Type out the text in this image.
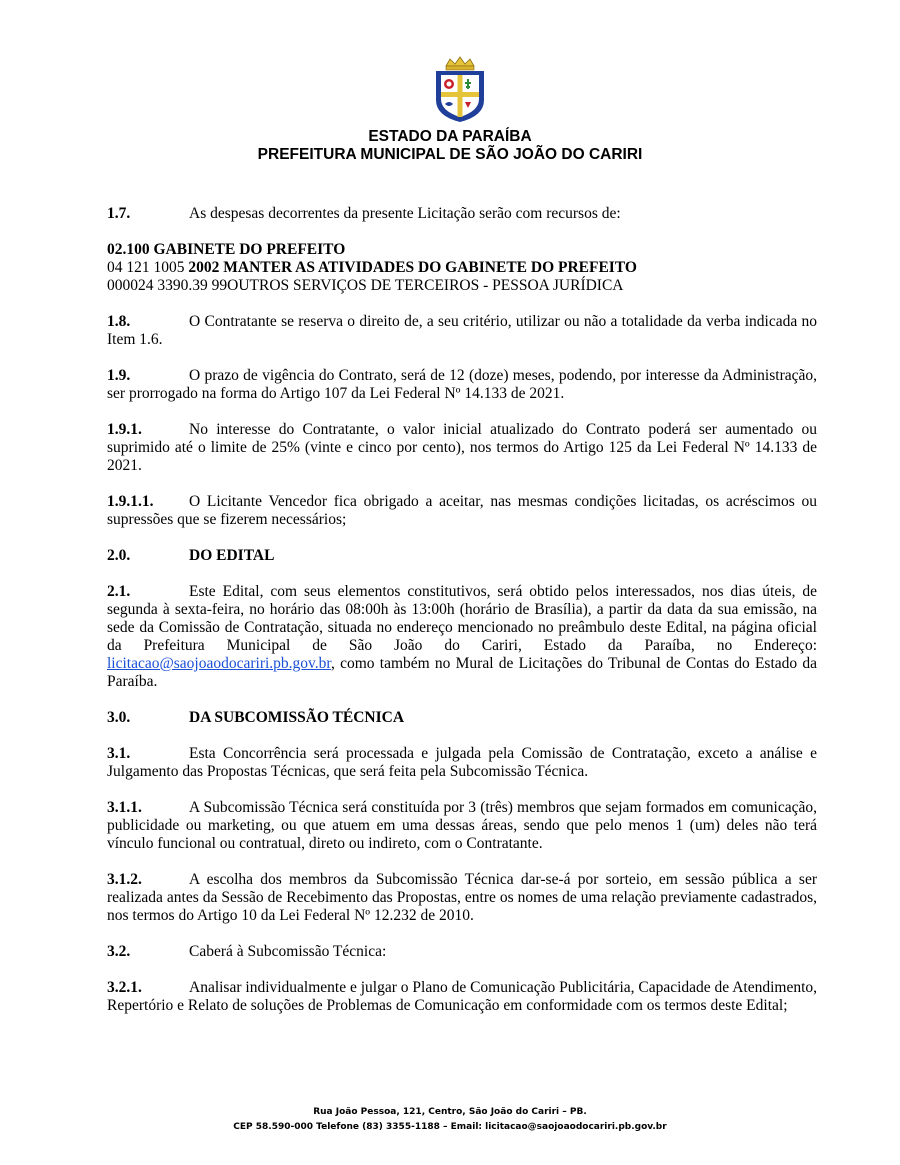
ESTADO DA PARAÍBA
PREFEITURA MUNICIPAL DE SÃO JOÃO DO CARIRI

1.7.	As despesas decorrentes da presente Licitação serão com recursos de:

02.100 GABINETE DO PREFEITO

04 121 1005 2002 MANTER AS ATIVIDADES DO GABINETE DO PREFEITO

000024 3390.39 99OUTROS SERVIÇOS DE TERCEIROS - PESSOA JURÍDICA

1.8.	O Contratante se reserva o direito de, a seu critério, utilizar ou não a totalidade da verba indicada no Item 1.6.

1.9.	O prazo de vigência do Contrato, será de 12 (doze) meses, podendo, por interesse da Administração, ser prorrogado na forma do Artigo 107 da Lei Federal Nº 14.133 de 2021.

1.9.1.	No interesse do Contratante, o valor inicial atualizado do Contrato poderá ser aumentado ou suprimido até o limite de 25% (vinte e cinco por cento), nos termos do Artigo 125 da Lei Federal Nº 14.133 de 2021.

1.9.1.1. O Licitante Vencedor fica obrigado a aceitar, nas mesmas condições licitadas, os acréscimos ou supressões que se fizerem necessários;

2.0.	DO EDITAL

2.1.	Este Edital, com seus elementos constitutivos, será obtido pelos interessados, nos dias úteis, de segunda à sexta-feira, no horário das 08:00h às 13:00h (horário de Brasília), a partir da data da sua emissão, na sede da Comissão de Contratação, situada no endereço mencionado no preâmbulo deste Edital, na página oficial da Prefeitura Municipal de São João do Cariri, Estado da Paraíba, no Endereço: licitacao@saojoaodocariri.pb.gov.br, como também no Mural de Licitações do Tribunal de Contas do Estado da Paraíba.

3.0.	DA SUBCOMISSÃO TÉCNICA

3.1.	Esta Concorrência será processada e julgada pela Comissão de Contratação, exceto a análise e Julgamento das Propostas Técnicas, que será feita pela Subcomissão Técnica.

3.1.1.	A Subcomissão Técnica será constituída por 3 (três) membros que sejam formados em comunicação, publicidade ou marketing, ou que atuem em uma dessas áreas, sendo que pelo menos 1 (um) deles não terá vínculo funcional ou contratual, direto ou indireto, com o Contratante.

3.1.2.	A escolha dos membros da Subcomissão Técnica dar-se-á por sorteio, em sessão pública a ser realizada antes da Sessão de Recebimento das Propostas, entre os nomes de uma relação previamente cadastrados, nos termos do Artigo 10 da Lei Federal Nº 12.232 de 2010.

3.2.	Caberá à Subcomissão Técnica:

3.2.1.	Analisar individualmente e julgar o Plano de Comunicação Publicitária, Capacidade de Atendimento, Repertório e Relato de soluções de Problemas de Comunicação em conformidade com os termos deste Edital;

Rua João Pessoa, 121, Centro, São João do Cariri – PB.
CEP 58.590-000 Telefone (83) 3355-1188 – Email: licitacao@saojoaodocariri.pb.gov.br
